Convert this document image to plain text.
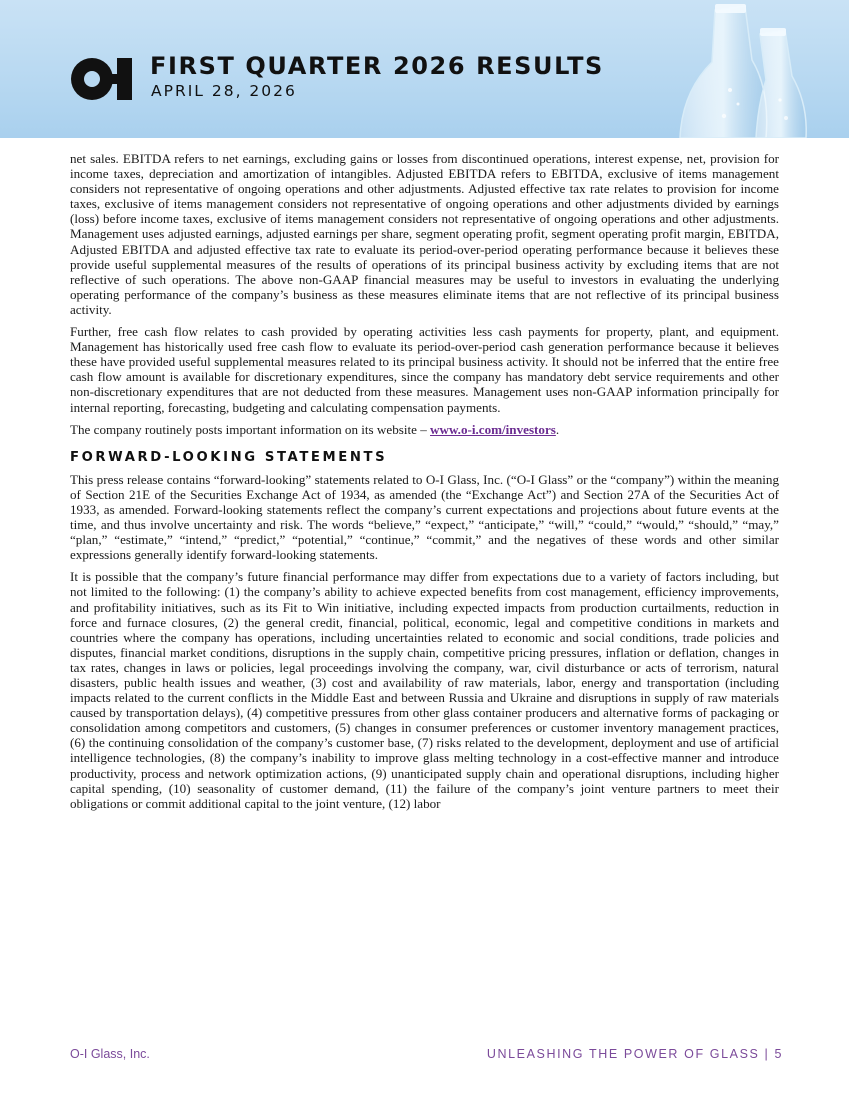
FIRST QUARTER 2026 RESULTS
APRIL 28, 2026

net sales. EBITDA refers to net earnings, excluding gains or losses from discontinued operations, interest expense, net, provision for income taxes, depreciation and amortization of intangibles. Adjusted EBITDA refers to EBITDA, exclusive of items management considers not representative of ongoing operations and other adjustments. Adjusted effective tax rate relates to provision for income taxes, exclusive of items management considers not representative of ongoing operations and other adjustments divided by earnings (loss) before income taxes, exclusive of items management considers not representative of ongoing operations and other adjustments. Management uses adjusted earnings, adjusted earnings per share, segment operating profit, segment operating profit margin, EBITDA, Adjusted EBITDA and adjusted effective tax rate to evaluate its period-over-period operating performance because it believes these provide useful supplemental measures of the results of operations of its principal business activity by excluding items that are not reflective of such operations. The above non-GAAP financial measures may be useful to investors in evaluating the underlying operating performance of the company’s business as these measures eliminate items that are not reflective of its principal business activity.

Further, free cash flow relates to cash provided by operating activities less cash payments for property, plant, and equipment. Management has historically used free cash flow to evaluate its period-over-period cash generation performance because it believes these have provided useful supplemental measures related to its principal business activity. It should not be inferred that the entire free cash flow amount is available for discretionary expenditures, since the company has mandatory debt service requirements and other non-discretionary expenditures that are not deducted from these measures. Management uses non-GAAP information principally for internal reporting, forecasting, budgeting and calculating compensation payments.

The company routinely posts important information on its website – www.o-i.com/investors.

FORWARD-LOOKING STATEMENTS

This press release contains “forward-looking” statements related to O-I Glass, Inc. (“O-I Glass” or the “company”) within the meaning of Section 21E of the Securities Exchange Act of 1934, as amended (the “Exchange Act”) and Section 27A of the Securities Act of 1933, as amended. Forward-looking statements reflect the company’s current expectations and projections about future events at the time, and thus involve uncertainty and risk. The words “believe,” “expect,” “anticipate,” “will,” “could,” “would,” “should,” “may,” “plan,” “estimate,” “intend,” “predict,” “potential,” “continue,” “commit,” and the negatives of these words and other similar expressions generally identify forward-looking statements.

It is possible that the company’s future financial performance may differ from expectations due to a variety of factors including, but not limited to the following: (1) the company’s ability to achieve expected benefits from cost management, efficiency improvements, and profitability initiatives, such as its Fit to Win initiative, including expected impacts from production curtailments, reduction in force and furnace closures, (2) the general credit, financial, political, economic, legal and competitive conditions in markets and countries where the company has operations, including uncertainties related to economic and social conditions, trade policies and disputes, financial market conditions, disruptions in the supply chain, competitive pricing pressures, inflation or deflation, changes in tax rates, changes in laws or policies, legal proceedings involving the company, war, civil disturbance or acts of terrorism, natural disasters, public health issues and weather, (3) cost and availability of raw materials, labor, energy and transportation (including impacts related to the current conflicts in the Middle East and between Russia and Ukraine and disruptions in supply of raw materials caused by transportation delays), (4) competitive pressures from other glass container producers and alternative forms of packaging or consolidation among competitors and customers, (5) changes in consumer preferences or customer inventory management practices, (6) the continuing consolidation of the company’s customer base, (7) risks related to the development, deployment and use of artificial intelligence technologies, (8) the company’s inability to improve glass melting technology in a cost-effective manner and introduce productivity, process and network optimization actions, (9) unanticipated supply chain and operational disruptions, including higher capital spending, (10) seasonality of customer demand, (11) the failure of the company’s joint venture partners to meet their obligations or commit additional capital to the joint venture, (12) labor

O-I Glass, Inc.	UNLEASHING THE POWER OF GLASS | 5
